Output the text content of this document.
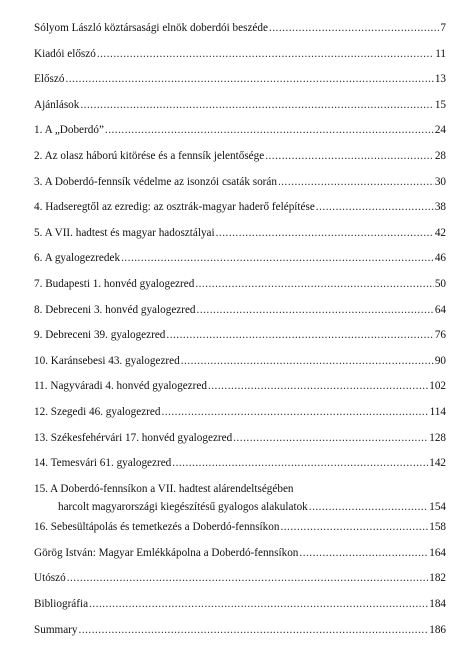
Sólyom László köztársasági elnök doberdói beszéde .....	7
Kiadói előszó .....	11
Előszó .....	13
Ajánlások .....	15
1. A „Doberdó” .....	24
2. Az olasz háború kitörése és a fennsík jelentősége .....	28
3. A Doberdó-fennsík védelme az isonzói csaták során .....	30
4. Hadseregtől az ezredig: az osztrák-magyar haderő felépítése .....	38
5. A VII. hadtest és magyar hadosztályai .....	42
6. A gyalogezredek .....	46
7. Budapesti 1. honvéd gyalogezred .....	50
8. Debreceni 3. honvéd gyalogezred .....	64
9. Debreceni 39. gyalogezred .....	76
10. Karánsebesi 43. gyalogezred .....	90
11. Nagyváradi 4. honvéd gyalogezred .....	102
12. Szegedi 46. gyalogezred .....	114
13. Székesfehérvári 17. honvéd gyalogezred .....	128
14. Temesvári 61. gyalogezred .....	142
15. A Doberdó-fennsíkon a VII. hadtest alárendeltségében
harcolt magyarországi kiegészítésű gyalogos alakulatok .....	154
16. Sebesültápolás és temetkezés a Doberdó-fennsíkon .....	158
Görög István: Magyar Emlékkápolna a Doberdó-fennsíkon .....	164
Utószó .....	182
Bibliográfia .....	184
Summary .....	186
